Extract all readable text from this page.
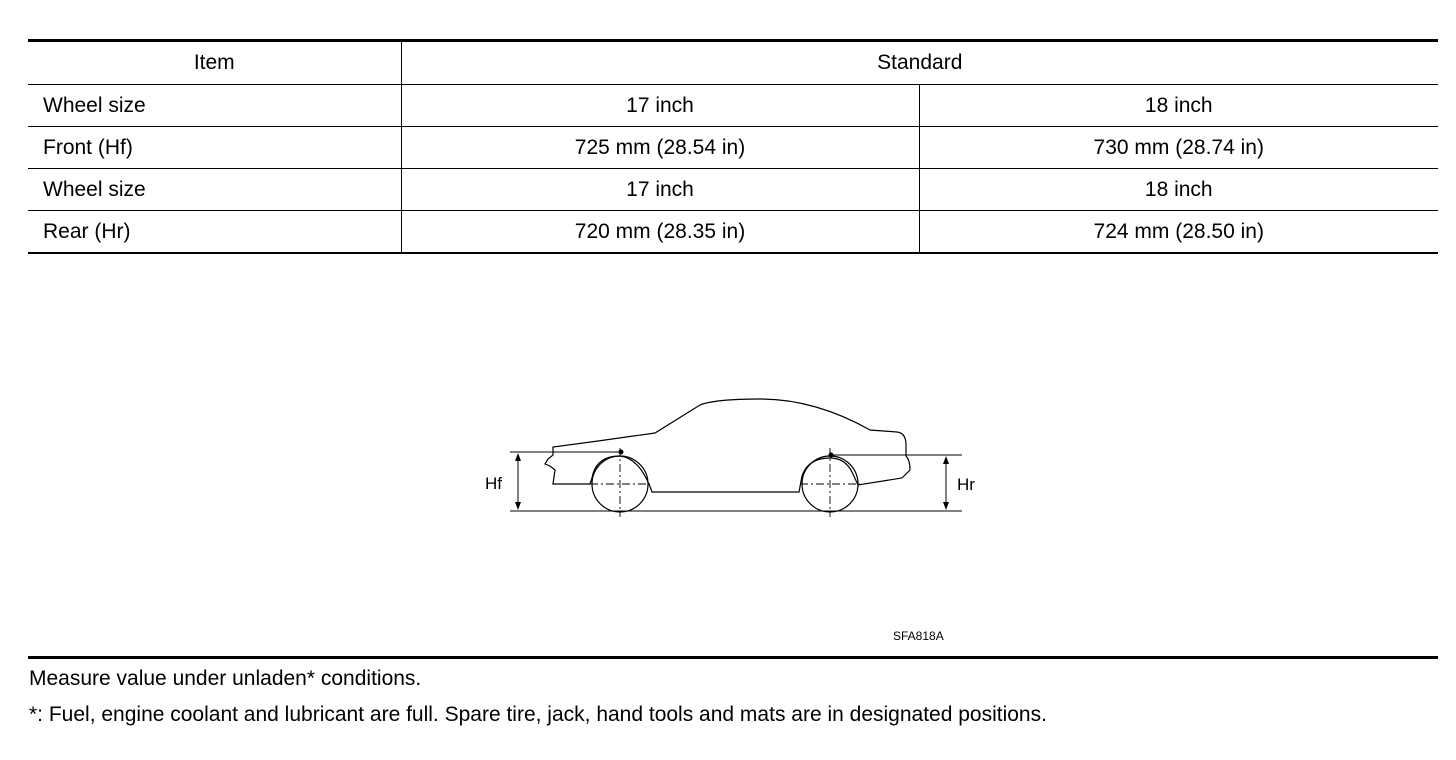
Item	Standard	
Wheel size	17 inch	18 inch
Front (Hf)	725 mm (28.54 in)	730 mm (28.74 in)
Wheel size	17 inch	18 inch
Rear (Hr)	720 mm (28.35 in)	724 mm (28.50 in)
Hf	Hr
SFA818A
Measure value under unladen* conditions.
*: Fuel, engine coolant and lubricant are full. Spare tire, jack, hand tools and mats are in designated positions.
